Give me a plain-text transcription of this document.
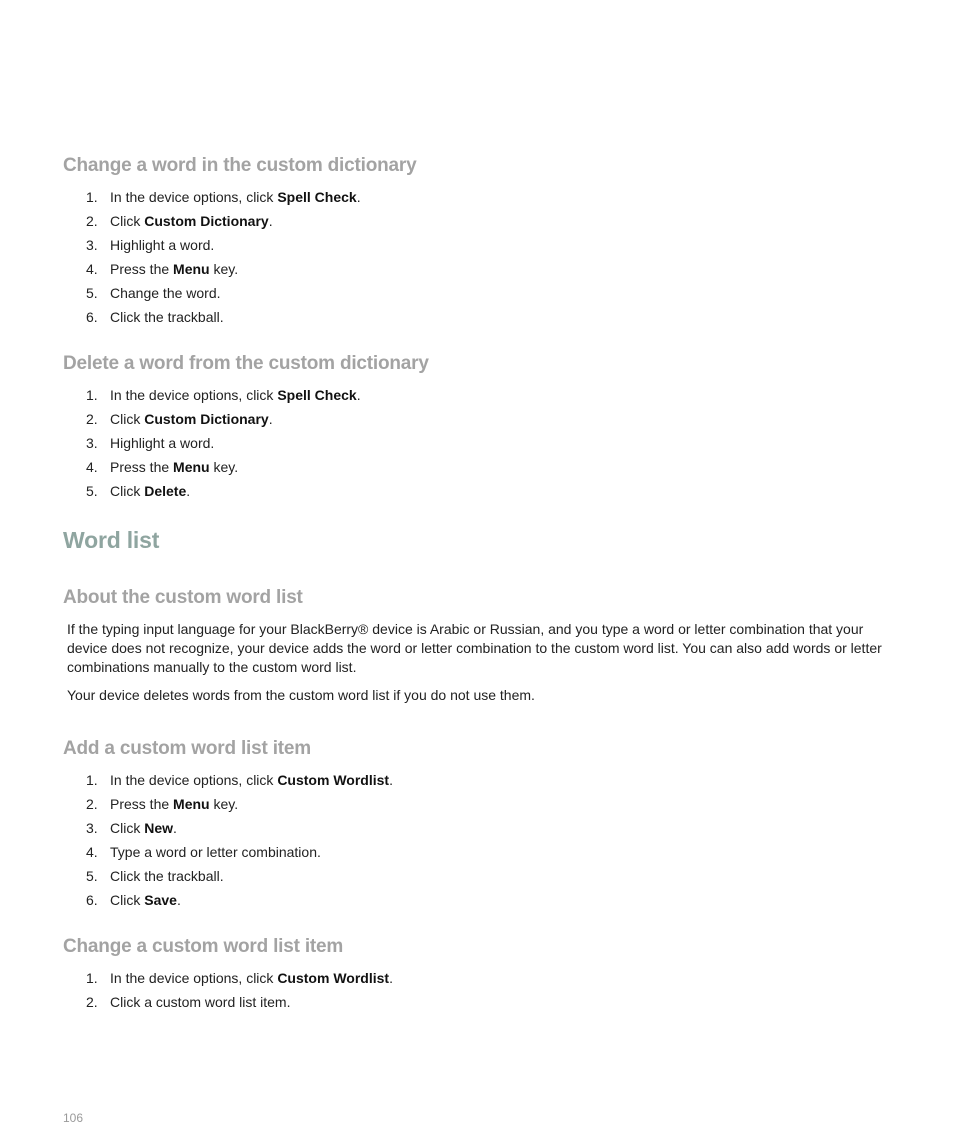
Change a word in the custom dictionary
1. In the device options, click Spell Check.
2. Click Custom Dictionary.
3. Highlight a word.
4. Press the Menu key.
5. Change the word.
6. Click the trackball.
Delete a word from the custom dictionary
1. In the device options, click Spell Check.
2. Click Custom Dictionary.
3. Highlight a word.
4. Press the Menu key.
5. Click Delete.
Word list
About the custom word list

If the typing input language for your BlackBerry® device is Arabic or Russian, and you type a word or letter combination that your device does not recognize, your device adds the word or letter combination to the custom word list. You can also add words or letter combinations manually to the custom word list.

Your device deletes words from the custom word list if you do not use them.

Add a custom word list item
1. In the device options, click Custom Wordlist.
2. Press the Menu key.
3. Click New.
4. Type a word or letter combination.
5. Click the trackball.
6. Click Save.
Change a custom word list item
1. In the device options, click Custom Wordlist.
2. Click a custom word list item.
106
